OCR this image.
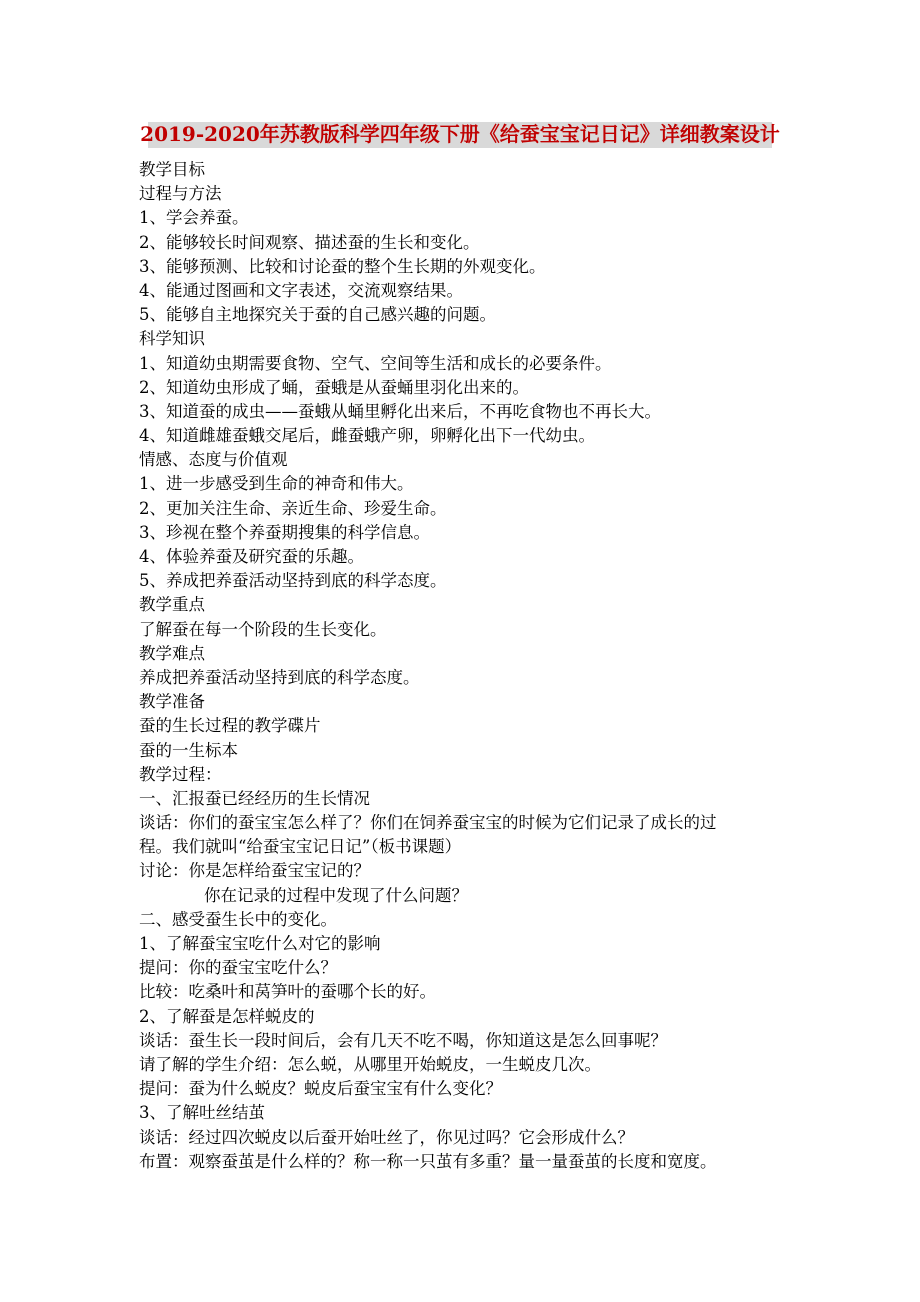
2019-2020年苏教版科学四年级下册《给蚕宝宝记日记》详细教案设计
教学目标
过程与方法
1、学会养蚕。
2、能够较长时间观察、描述蚕的生长和变化。
3、能够预测、比较和讨论蚕的整个生长期的外观变化。
4、能通过图画和文字表述，交流观察结果。
5、能够自主地探究关于蚕的自己感兴趣的问题。
科学知识
1、知道幼虫期需要食物、空气、空间等生活和成长的必要条件。
2、知道幼虫形成了蛹，蚕蛾是从蚕蛹里羽化出来的。
3、知道蚕的成虫——蚕蛾从蛹里孵化出来后，不再吃食物也不再长大。
4、知道雌雄蚕蛾交尾后，雌蚕蛾产卵，卵孵化出下一代幼虫。
情感、态度与价值观
1、进一步感受到生命的神奇和伟大。
2、更加关注生命、亲近生命、珍爱生命。
3、珍视在整个养蚕期搜集的科学信息。
4、体验养蚕及研究蚕的乐趣。
5、养成把养蚕活动坚持到底的科学态度。
教学重点
了解蚕在每一个阶段的生长变化。
教学难点
养成把养蚕活动坚持到底的科学态度。
教学准备
蚕的生长过程的教学碟片
蚕的一生标本
教学过程：
一、汇报蚕已经经历的生长情况
谈话：你们的蚕宝宝怎么样了？你们在饲养蚕宝宝的时候为它们记录了成长的过
程。我们就叫“给蚕宝宝记日记”（板书课题）
讨论：你是怎样给蚕宝宝记的？
你在记录的过程中发现了什么问题？
二、感受蚕生长中的变化。
1、了解蚕宝宝吃什么对它的影响
提问：你的蚕宝宝吃什么？
比较：吃桑叶和莴笋叶的蚕哪个长的好。
2、了解蚕是怎样蜕皮的
谈话：蚕生长一段时间后，会有几天不吃不喝，你知道这是怎么回事呢？
请了解的学生介绍：怎么蜕，从哪里开始蜕皮，一生蜕皮几次。
提问：蚕为什么蜕皮？蜕皮后蚕宝宝有什么变化？
3、了解吐丝结茧
谈话：经过四次蜕皮以后蚕开始吐丝了，你见过吗？它会形成什么？
布置：观察蚕茧是什么样的？称一称一只茧有多重？量一量蚕茧的长度和宽度。
